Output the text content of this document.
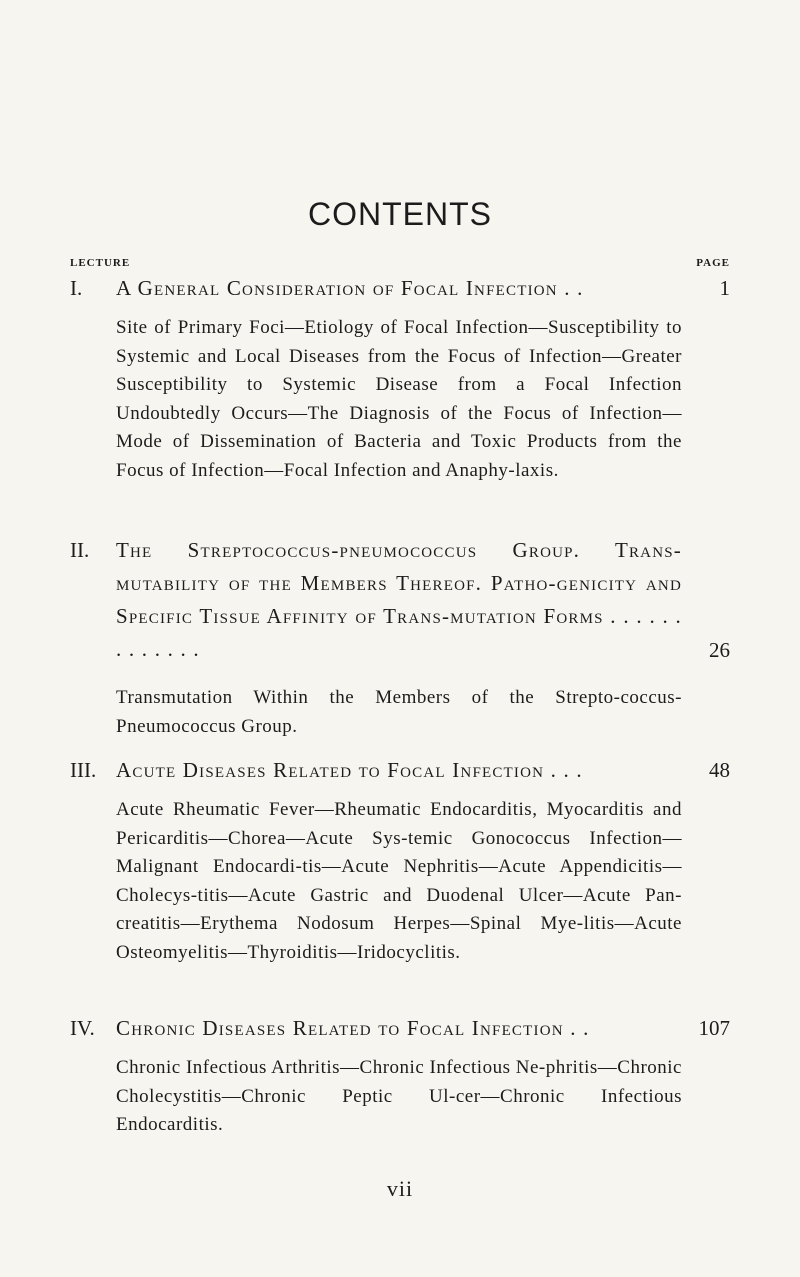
CONTENTS
LECTURE	PAGE
I. A General Consideration of Focal Infection . .	1
Site of Primary Foci—Etiology of Focal Infection—Susceptibility to Systemic and Local Diseases from the Focus of Infection—Greater Susceptibility to Systemic Disease from a Focal Infection Undoubtedly Occurs—The Diagnosis of the Focus of Infection—Mode of Dissemination of Bacteria and Toxic Products from the Focus of Infection—Focal Infection and Anaphy-laxis.
II. The Streptococcus-pneumococcus Group. Trans-mutability of the Members Thereof. Patho-genicity and Specific Tissue Affinity of Trans-mutation Forms . . . . . . . . . . . . .	26
Transmutation Within the Members of the Strepto-coccus-Pneumococcus Group.
III. Acute Diseases Related to Focal Infection . . .	48
Acute Rheumatic Fever—Rheumatic Endocarditis, Myocarditis and Pericarditis—Chorea—Acute Sys-temic Gonococcus Infection—Malignant Endocardi-tis—Acute Nephritis—Acute Appendicitis—Cholecys-titis—Acute Gastric and Duodenal Ulcer—Acute Pan-creatitis—Erythema Nodosum Herpes—Spinal Mye-litis—Acute Osteomyelitis—Thyroiditis—Iridocyclitis.
IV. Chronic Diseases Related to Focal Infection . .	107
Chronic Infectious Arthritis—Chronic Infectious Ne-phritis—Chronic Cholecystitis—Chronic Peptic Ul-cer—Chronic Infectious Endocarditis.
vii
